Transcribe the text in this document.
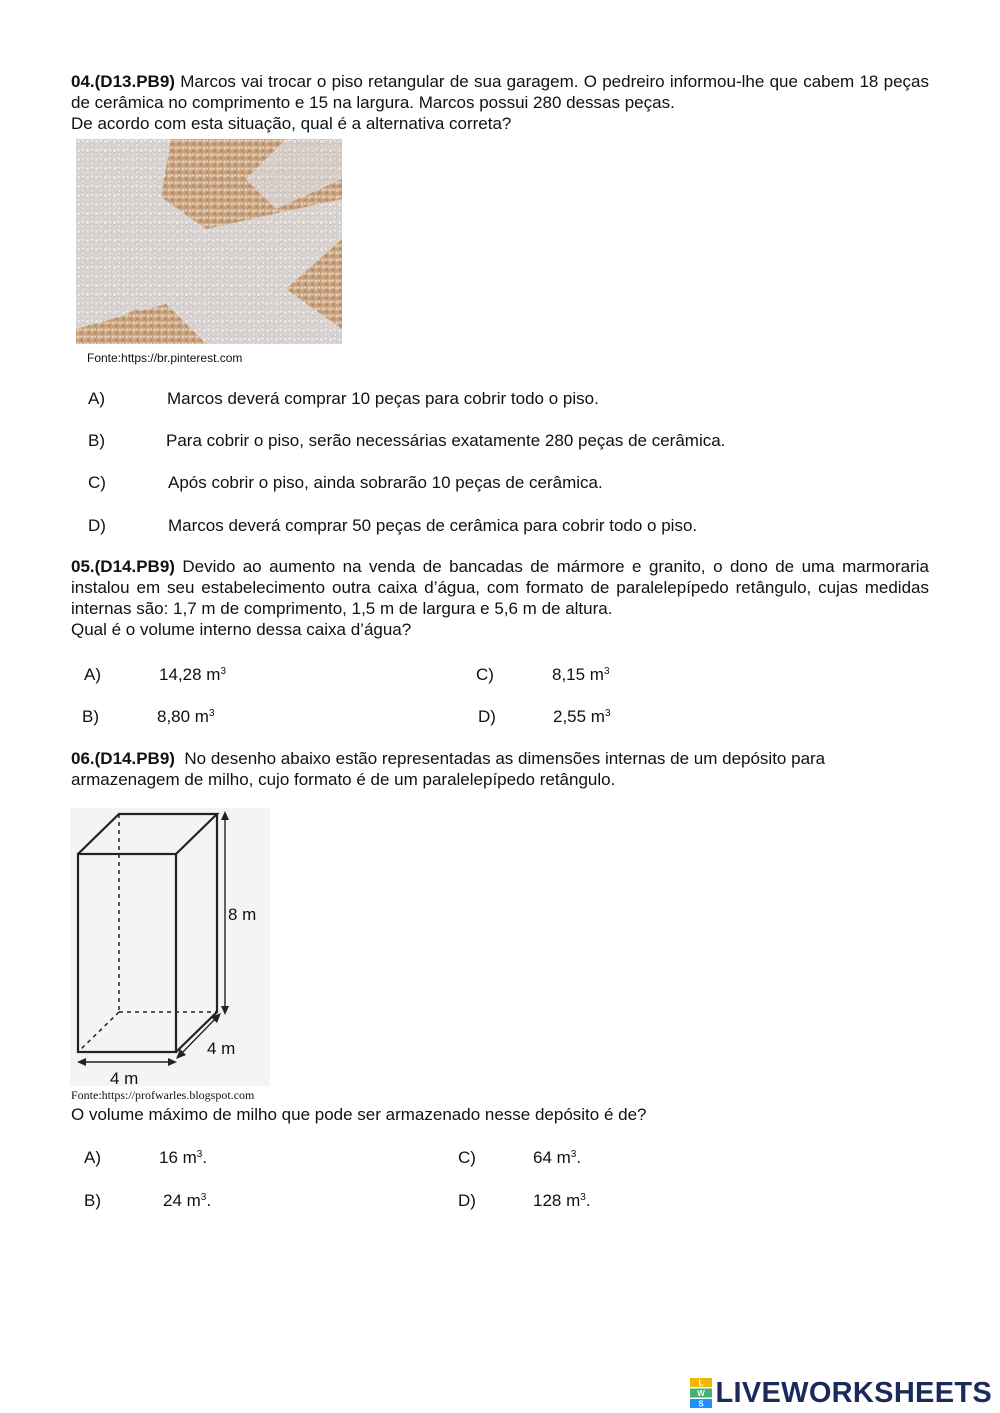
04.(D13.PB9) Marcos vai trocar o piso retangular de sua garagem. O pedreiro informou-lhe que cabem 18 peças de cerâmica no comprimento e 15 na largura. Marcos possui 280 dessas peças.
De acordo com esta situação, qual é a alternativa correta?
Fonte:https://br.pinterest.com
A)	Marcos deverá comprar 10 peças para cobrir todo o piso.
B)	Para cobrir o piso, serão necessárias exatamente 280 peças de cerâmica.
C)	Após cobrir o piso, ainda sobrarão 10 peças de cerâmica.
D)	Marcos deverá comprar 50 peças de cerâmica para cobrir todo o piso.
05.(D14.PB9) Devido ao aumento na venda de bancadas de mármore e granito, o dono de uma marmoraria instalou em seu estabelecimento outra caixa d’água, com formato de paralelepípedo retângulo, cujas medidas internas são: 1,7 m de comprimento, 1,5 m de largura e 5,6 m de altura.
Qual é o volume interno dessa caixa d’água?
A)	14,28 $m^3$
B)	8,80 $m^3$
C)	8,15 $m^3$
D)	2,55 $m^3$
06.(D14.PB9) No desenho abaixo estão representadas as dimensões internas de um depósito para armazenagem de milho, cujo formato é de um paralelepípedo retângulo.
8 m
4 m
4 m
Fonte:https://profwarles.blogspot.com
O volume máximo de milho que pode ser armazenado nesse depósito é de?
A)	16 $m^3$.
B)	24 $m^3$.
C)	64 $m^3$.
D)	128 $m^3$.
L
W
S LIVEWORKSHEETS
